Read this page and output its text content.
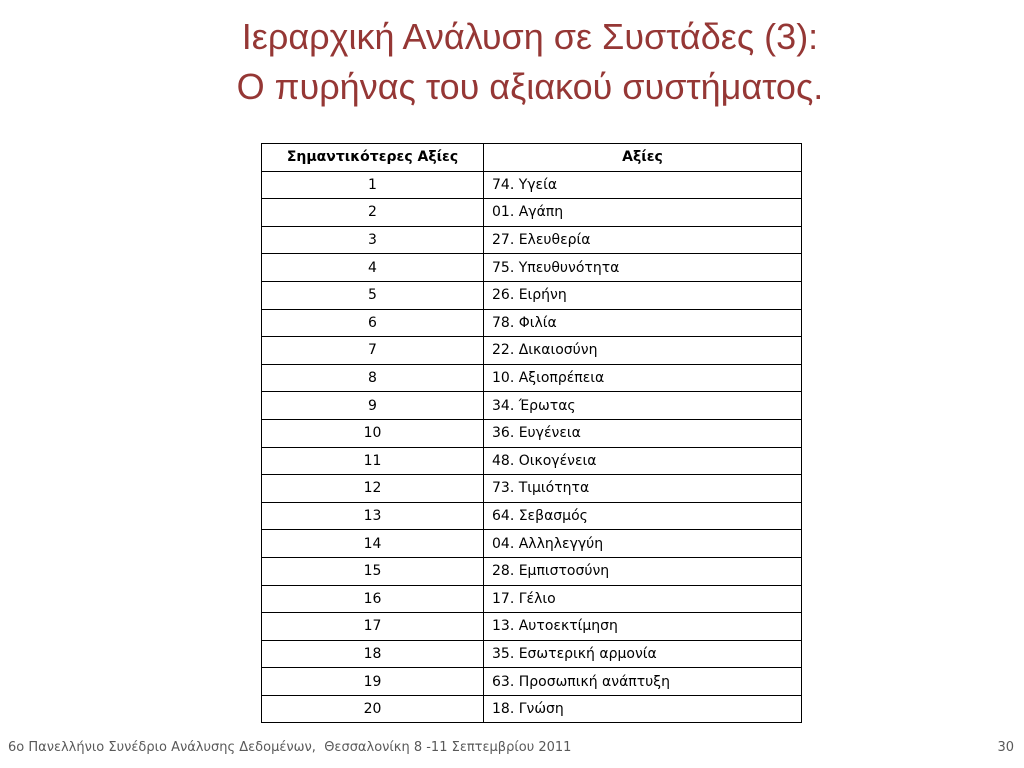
Ιεραρχική Ανάλυση σε Συστάδες (3):
Ο πυρήνας του αξιακού συστήματος.
Σημαντικότερες Αξίες	Αξίες
1	74. Υγεία
2	01. Αγάπη
3	27. Ελευθερία
4	75. Υπευθυνότητα
5	26. Ειρήνη
6	78. Φιλία
7	22. Δικαιοσύνη
8	10. Αξιοπρέπεια
9	34. Έρωτας
10	36. Ευγένεια
11	48. Οικογένεια
12	73. Τιμιότητα
13	64. Σεβασμός
14	04. Αλληλεγγύη
15	28. Εμπιστοσύνη
16	17. Γέλιο
17	13. Αυτοεκτίμηση
18	35. Εσωτερική αρμονία
19	63. Προσωπική ανάπτυξη
20	18. Γνώση
6ο Πανελλήνιο Συνέδριο Ανάλυσης Δεδομένων,  Θεσσαλονίκη 8 -11 Σεπτεμβρίου 2011	30
